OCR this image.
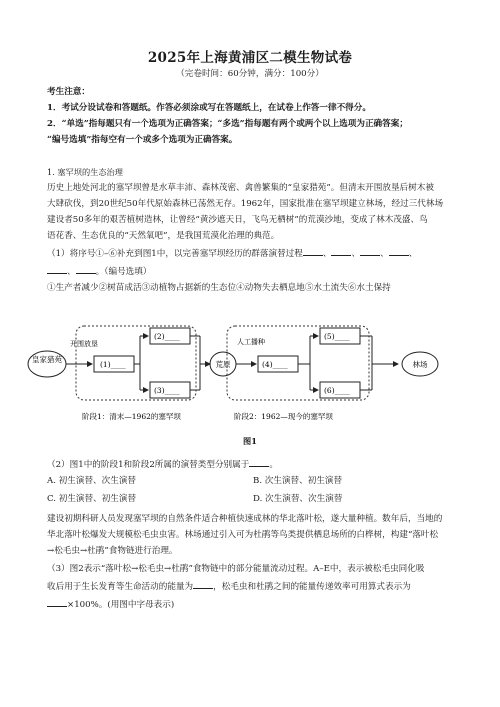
2025年上海黄浦区二模生物试卷
（完卷时间：60分钟，满分：100分）
考生注意：
1．考试分设试卷和答题纸。作答必须涂或写在答题纸上，在试卷上作答一律不得分。
2．“单选”指每题只有一个选项为正确答案；“多选”指每题有两个或两个以上选项为正确答案；
“编号选填”指每空有一个或多个选项为正确答案。
1. 塞罕坝的生态治理
历史上地处河北的塞罕坝曾是水草丰沛、森林茂密、禽兽繁集的“皇家猎苑”。但清末开围放垦后树木被
大肆砍伐，到20世纪50年代原始森林已荡然无存。1962年，国家批准在塞罕坝建立林场，经过三代林场
建设者50多年的艰苦植树造林，让曾经“黄沙遮天日，飞鸟无栖树”的荒漠沙地，变成了林木茂盛、鸟
语花香、生态优良的“天然氧吧”，是我国荒漠化治理的典范。
（1）将序号①–⑥补充到图1中，以完善塞罕坝经历的群落演替过程 、 、 、 、
、 。（编号选填）
①生产者减少②树苗成活③动植物占据新的生态位④动物失去栖息地⑤水土流失⑥水土保持
皇家猎苑
开围放垦
(1)____
(2)____
(3)____
荒原
人工播种
(4)____
(5)____
(6)____
林场
阶段1：清末—1962的塞罕坝	阶段2：1962—现今的塞罕坝
图1
（2）图1中的阶段1和阶段2所属的演替类型分别属于 。
A. 初生演替、次生演替	B. 次生演替、初生演替
C. 初生演替、初生演替	D. 次生演替、次生演替
建设初期科研人员发现塞罕坝的自然条件适合种植快速成林的华北落叶松，遂大量种植。数年后，当地的
华北落叶松爆发大规模松毛虫虫害。林场通过引入可为杜鹃等鸟类提供栖息场所的白桦树，构建“落叶松
→松毛虫→杜鹃”食物链进行治理。
（3）图2表示“落叶松→松毛虫→杜鹃”食物链中的部分能量流动过程。A–E中，表示被松毛虫同化吸
收后用于生长发育等生命活动的能量为 ，松毛虫和杜鹃之间的能量传递效率可用算式表示为
×100%。(用图中字母表示)
